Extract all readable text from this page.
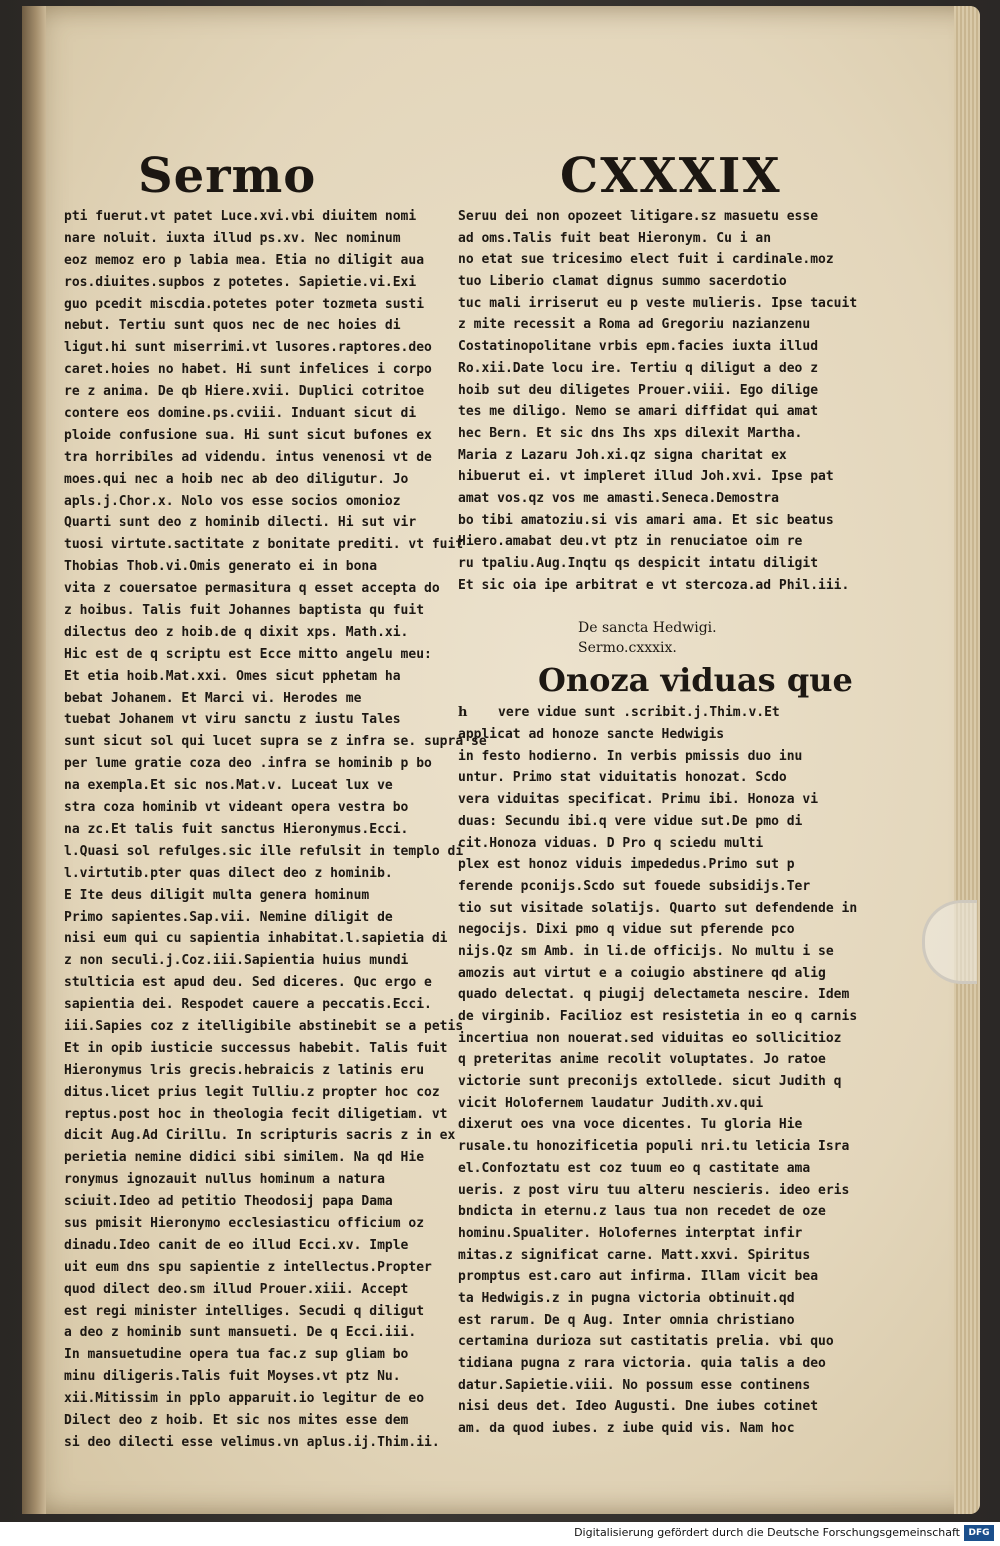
Sermo	CXXXIX
pti fuerut.vt patet Luce.xvi.vbi diuitem nomi
nare noluit. iuxta illud ps.xv. Nec nominum
eoz memoz ero p labia mea. Etia no diligit aua
ros.diuites.supbos z potetes. Sapietie.vi.Exi
guo pcedit miscdia.potetes poter tozmeta susti
nebut. Tertiu sunt quos nec de nec hoies di
ligut.hi sunt miserrimi.vt lusores.raptores.deo
caret.hoies no habet. Hi sunt infelices i corpo
re z anima. De qb Hiere.xvii. Duplici cotritoe
contere eos domine.ps.cviii. Induant sicut di
ploide confusione sua. Hi sunt sicut bufones ex
tra horribiles ad videndu. intus venenosi vt de
moes.qui nec a hoib nec ab deo diligutur. Jo
apls.j.Chor.x. Nolo vos esse socios omonioz
Quarti sunt deo z hominib dilecti. Hi sut vir
tuosi virtute.sactitate z bonitate prediti. vt fuit
Thobias Thob.vi.Omis generato ei in bona
vita z couersatoe permasitura q esset accepta do
z hoibus. Talis fuit Johannes baptista qu fuit
dilectus deo z hoib.de q dixit xps. Math.xi.
Hic est de q scriptu est Ecce mitto angelu meu:
Et etia hoib.Mat.xxi. Omes sicut pphetam ha
bebat Johanem. Et Marci vi. Herodes me
tuebat Johanem vt viru sanctu z iustu Tales
sunt sicut sol qui lucet supra se z infra se. supra se
per lume gratie coza deo .infra se hominib p bo
na exempla.Et sic nos.Mat.v. Luceat lux ve
stra coza hominib vt videant opera vestra bo
na zc.Et talis fuit sanctus Hieronymus.Ecci.
l.Quasi sol refulges.sic ille refulsit in templo di
l.virtutib.pter quas dilect deo z hominib.
E Ite deus diligit multa genera hominum
Primo sapientes.Sap.vii. Nemine diligit de
nisi eum qui cu sapientia inhabitat.l.sapietia di
z non seculi.j.Coz.iii.Sapientia huius mundi
stulticia est apud deu. Sed diceres. Quc ergo e
sapientia dei. Respodet cauere a peccatis.Ecci.
iii.Sapies coz z itelligibile abstinebit se a petis
Et in opib iusticie successus habebit. Talis fuit
Hieronymus lris grecis.hebraicis z latinis eru
ditus.licet prius legit Tulliu.z propter hoc coz
reptus.post hoc in theologia fecit diligetiam. vt
dicit Aug.Ad Cirillu. In scripturis sacris z in ex
perietia nemine didici sibi similem. Na qd Hie
ronymus ignozauit nullus hominum a natura
sciuit.Ideo ad petitio Theodosij papa Dama
sus pmisit Hieronymo ecclesiasticu officium oz
dinadu.Ideo canit de eo illud Ecci.xv. Imple
uit eum dns spu sapientie z intellectus.Propter
quod dilect deo.sm illud Prouer.xiii. Accept
est regi minister intelliges. Secudi q diligut
a deo z hominib sunt mansueti. De q Ecci.iii.
In mansuetudine opera tua fac.z sup gliam bo
minu diligeris.Talis fuit Moyses.vt ptz Nu.
xii.Mitissim in pplo apparuit.io legitur de eo
Dilect deo z hoib. Et sic nos mites esse dem
si deo dilecti esse velimus.vn aplus.ij.Thim.ii.
Seruu dei non opozeet litigare.sz masuetu esse
ad oms.Talis fuit beat Hieronym. Cu i an
no etat sue tricesimo elect fuit i cardinale.moz
tuo Liberio clamat dignus summo sacerdotio
tuc mali irriserut eu p veste mulieris. Ipse tacuit
z mite recessit a Roma ad Gregoriu nazianzenu
Costatinopolitane vrbis epm.facies iuxta illud
Ro.xii.Date locu ire. Tertiu q diligut a deo z
hoib sut deu diligetes Prouer.viii. Ego dilige
tes me diligo. Nemo se amari diffidat qui amat
hec Bern. Et sic dns Ihs xps dilexit Martha.
Maria z Lazaru Joh.xi.qz signa charitat ex
hibuerut ei. vt impleret illud Joh.xvi. Ipse pat
amat vos.qz vos me amasti.Seneca.Demostra
bo tibi amatoziu.si vis amari ama. Et sic beatus
Hiero.amabat deu.vt ptz in renuciatoe oim re
ru tpaliu.Aug.Inqtu qs despicit intatu diligit
Et sic oia ipe arbitrat e vt stercoza.ad Phil.iii.
De sancta Hedwigi.
Sermo.cxxxix.
Onoza viduas que
h vere vidue sunt .scribit.j.Thim.v.Et
applicat ad honoze sancte Hedwigis
in festo hodierno. In verbis pmissis duo inu
untur. Primo stat viduitatis honozat. Scdo
vera viduitas specificat. Primu ibi. Honoza vi
duas: Secundu ibi.q vere vidue sut.De pmo di
cit.Honoza viduas. D Pro q sciedu multi
plex est honoz viduis impededus.Primo sut p
ferende pconijs.Scdo sut fouede subsidijs.Ter
tio sut visitade solatijs. Quarto sut defendende in
negocijs. Dixi pmo q vidue sut pferende pco
nijs.Qz sm Amb. in li.de officijs. No multu i se
amozis aut virtut e a coiugio abstinere qd alig
quado delectat. q piugij delectameta nescire. Idem
de virginib. Facilioz est resistetia in eo q carnis
incertiua non nouerat.sed viduitas eo sollicitioz
q preteritas anime recolit voluptates. Jo ratoe
victorie sunt preconijs extollede. sicut Judith q
vicit Holofernem laudatur Judith.xv.qui
dixerut oes vna voce dicentes. Tu gloria Hie
rusale.tu honozificetia populi nri.tu leticia Isra
el.Confoztatu est coz tuum eo q castitate ama
ueris. z post viru tuu alteru nescieris. ideo eris
bndicta in eternu.z laus tua non recedet de oze
hominu.Spualiter. Holofernes interptat infir
mitas.z significat carne. Matt.xxvi. Spiritus
promptus est.caro aut infirma. Illam vicit bea
ta Hedwigis.z in pugna victoria obtinuit.qd
est rarum. De q Aug. Inter omnia christiano
certamina durioza sut castitatis prelia. vbi quo
tidiana pugna z rara victoria. quia talis a deo
datur.Sapietie.viii. No possum esse continens
nisi deus det. Ideo Augusti. Dne iubes cotinet
am. da quod iubes. z iube quid vis. Nam hoc
Digitalisierung gefördert durch die Deutsche Forschungsgemeinschaft DFG
